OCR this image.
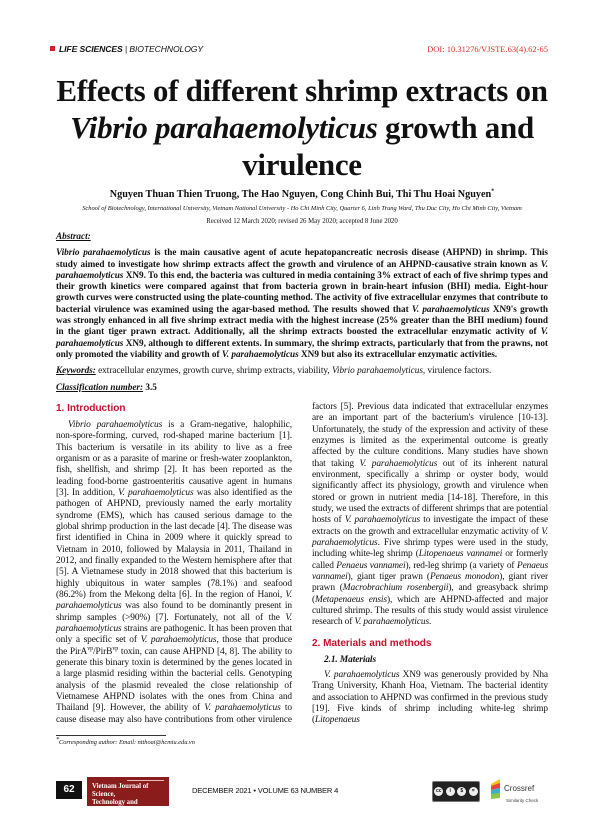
LIFE SCIENCES | BIOTECHNOLOGY	DOI: 10.31276/VJSTE.63(4).62-65
Effects of different shrimp extracts on
Vibrio parahaemolyticus growth and virulence
Nguyen Thuan Thien Truong, The Hao Nguyen, Cong Chinh Bui, Thi Thu Hoai Nguyen*
School of Biotechnology, International University, Vietnam National University - Ho Chi Minh City, Quarter 6, Linh Trung Ward, Thu Duc City, Ho Chi Minh City, Vietnam
Received 12 March 2020; revised 26 May 2020; accepted 8 June 2020

Abstract:

Vibrio parahaemolyticus is the main causative agent of acute hepatopancreatic necrosis disease (AHPND) in shrimp. This study aimed to investigate how shrimp extracts affect the growth and virulence of an AHPND-causative strain known as V. parahaemolyticus XN9. To this end, the bacteria was cultured in media containing 3% extract of each of five shrimp types and their growth kinetics were compared against that from bacteria grown in brain-heart infusion (BHI) media. Eight-hour growth curves were constructed using the plate-counting method. The activity of five extracellular enzymes that contribute to bacterial virulence was examined using the agar-based method. The results showed that V. parahaemolyticus XN9's growth was strongly enhanced in all five shrimp extract media with the highest increase (25% greater than the BHI medium) found in the giant tiger prawn extract. Additionally, all the shrimp extracts boosted the extracellular enzymatic activity of V. parahaemolyticus XN9, although to different extents. In summary, the shrimp extracts, particularly that from the prawns, not only promoted the viability and growth of V. parahaemolyticus XN9 but also its extracellular enzymatic activities.

Keywords: extracellular enzymes, growth curve, shrimp extracts, viability, Vibrio parahaemolyticus, virulence factors.

Classification number: 3.5

1. Introduction

Vibrio parahaemolyticus is a Gram-negative, halophilic, non-spore-forming, curved, rod-shaped marine bacterium [1]. This bacterium is versatile in its ability to live as a free organism or as a parasite of marine or fresh-water zooplankton, fish, shellfish, and shrimp [2]. It has been reported as the leading food-borne gastroenteritis causative agent in humans [3]. In addition, V. parahaemolyticus was also identified as the pathogen of AHPND, previously named the early mortality syndrome (EMS), which has caused serious damage to the global shrimp production in the last decade [4]. The disease was first identified in China in 2009 where it quickly spread to Vietnam in 2010, followed by Malaysia in 2011, Thailand in 2012, and finally expanded to the Western hemisphere after that [5]. A Vietnamese study in 2018 showed that this bacterium is highly ubiquitous in water samples (78.1%) and seafood (86.2%) from the Mekong delta [6]. In the region of Hanoi, V. parahaemolyticus was also found to be dominantly present in shrimp samples (>90%) [7]. Fortunately, not all of the V. parahaemolyticus strains are pathogenic. It has been proven that only a specific set of V. parahaemolyticus, those that produce the PirA$^{vp}$/PirB$^{vp}$ toxin, can cause AHPND [4, 8]. The ability to generate this binary toxin is determined by the genes located in a large plasmid residing within the bacterial cells. Genotyping analysis of the plasmid revealed the close relationship of Vietnamese AHPND isolates with the ones from China and Thailand [9]. However, the ability of V. parahaemolyticus to cause disease may also have contributions from other virulence factors [5]. Previous data indicated that extracellular enzymes are an important part of the bacterium's virulence [10-13]. Unfortunately, the study of the expression and activity of these enzymes is limited as the experimental outcome is greatly affected by the culture conditions. Many studies have shown that taking V. parahaemolyticus out of its inherent natural environment, specifically a shrimp or oyster body, would significantly affect its physiology, growth and virulence when stored or grown in nutrient media [14-18]. Therefore, in this study, we used the extracts of different shrimps that are potential hosts of V. parahaemolyticus to investigate the impact of these extracts on the growth and extracellular enzymatic activity of V. parahaemolyticus. Five shrimp types were used in the study, including white-leg shrimp (Litopenaeus vannamei or formerly called Penaeus vannamei), red-leg shrimp (a variety of Penaeus vannamei), giant tiger prawn (Penaeus monodon), giant river prawn (Macrobrachium rosenbergii), and greasyback shrimp (Metapenaeus ensis), which are AHPND-affected and major cultured shrimp. The results of this study would assist virulence research of V. parahaemolyticus.

2. Materials and methods
2.1. Materials

V. parahaemolyticus XN9 was generously provided by Nha Trang University, Khanh Hoa, Vietnam. The bacterial identity and association to AHPND was confirmed in the previous study [19]. Five kinds of shrimp including white-leg shrimp (Litopenaeus

*Corresponding author: Email: ntthoai@hcmiu.edu.vn
62	Vietnam Journal of Science,
Technology and Engineering
DECEMBER 2021 • VOLUME 63 NUMBER 4	cc	i	$	=	Crossref
Similarity Check
